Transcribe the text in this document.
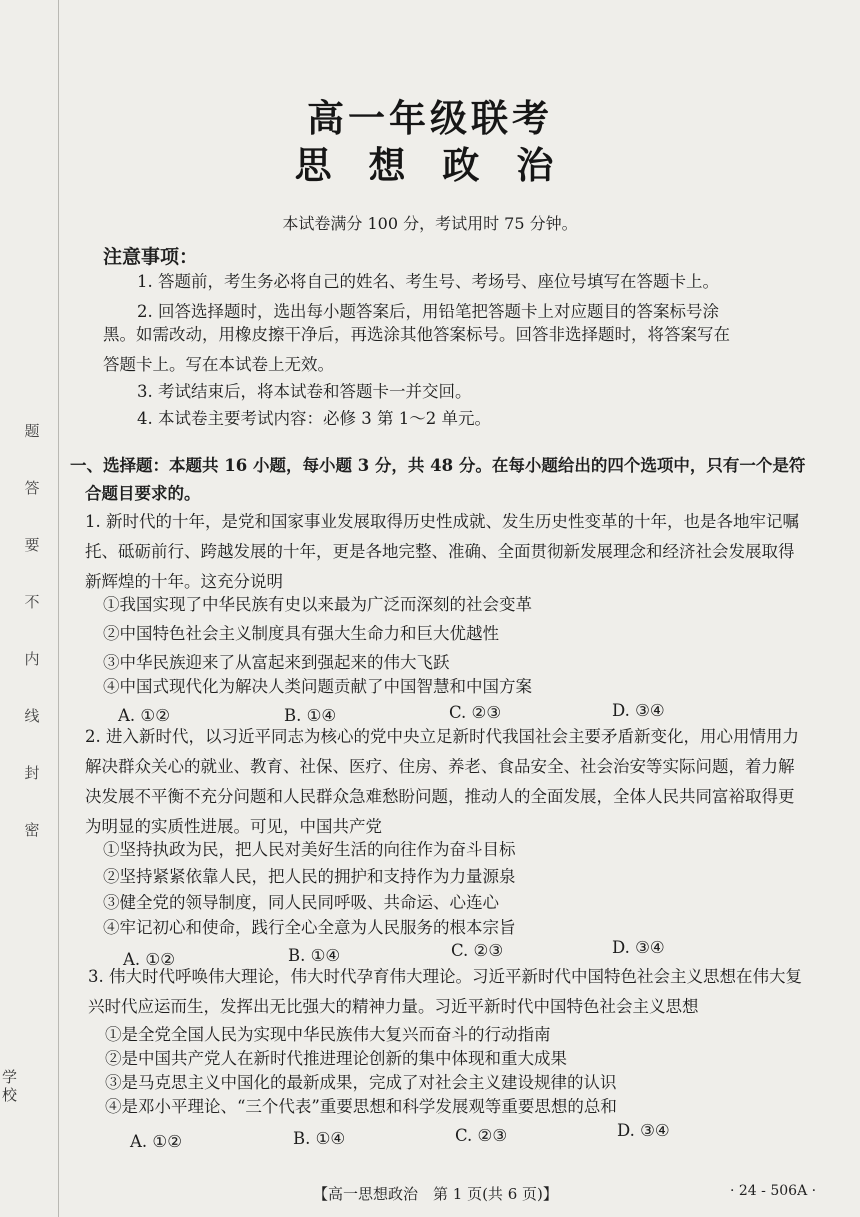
题
答
要
不
内
线
封
密
学校
高一年级联考
思 想 政 治
本试卷满分 100 分，考试用时 75 分钟。
注意事项：
1. 答题前，考生务必将自己的姓名、考生号、考场号、座位号填写在答题卡上。
2. 回答选择题时，选出每小题答案后，用铅笔把答题卡上对应题目的答案标号涂
黑。如需改动，用橡皮擦干净后，再选涂其他答案标号。回答非选择题时，将答案写在
答题卡上。写在本试卷上无效。
3. 考试结束后，将本试卷和答题卡一并交回。
4. 本试卷主要考试内容：必修 3 第 1～2 单元。
一、选择题：本题共 16 小题，每小题 3 分，共 48 分。在每小题给出的四个选项中，只有一个是符
合题目要求的。
1. 新时代的十年，是党和国家事业发展取得历史性成就、发生历史性变革的十年，也是各地牢记嘱托、砥砺前行、跨越发展的十年，更是各地完整、准确、全面贯彻新发展理念和经济社会发展取得新辉煌的十年。这充分说明
①我国实现了中华民族有史以来最为广泛而深刻的社会变革
②中国特色社会主义制度具有强大生命力和巨大优越性
③中华民族迎来了从富起来到强起来的伟大飞跃
④中国式现代化为解决人类问题贡献了中国智慧和中国方案
A. ①②	B. ①④	C. ②③	D. ③④
2. 进入新时代，以习近平同志为核心的党中央立足新时代我国社会主要矛盾新变化，用心用情用力解决群众关心的就业、教育、社保、医疗、住房、养老、食品安全、社会治安等实际问题，着力解决发展不平衡不充分问题和人民群众急难愁盼问题，推动人的全面发展，全体人民共同富裕取得更为明显的实质性进展。可见，中国共产党
①坚持执政为民，把人民对美好生活的向往作为奋斗目标
②坚持紧紧依靠人民，把人民的拥护和支持作为力量源泉
③健全党的领导制度，同人民同呼吸、共命运、心连心
④牢记初心和使命，践行全心全意为人民服务的根本宗旨
A. ①②	B. ①④	C. ②③	D. ③④
3. 伟大时代呼唤伟大理论，伟大时代孕育伟大理论。习近平新时代中国特色社会主义思想在伟大复兴时代应运而生，发挥出无比强大的精神力量。习近平新时代中国特色社会主义思想
①是全党全国人民为实现中华民族伟大复兴而奋斗的行动指南
②是中国共产党人在新时代推进理论创新的集中体现和重大成果
③是马克思主义中国化的最新成果，完成了对社会主义建设规律的认识
④是邓小平理论、“三个代表”重要思想和科学发展观等重要思想的总和
A. ①②	B. ①④	C. ②③	D. ③④
【高一思想政治　第 1 页(共 6 页)】	· 24 - 506A ·
